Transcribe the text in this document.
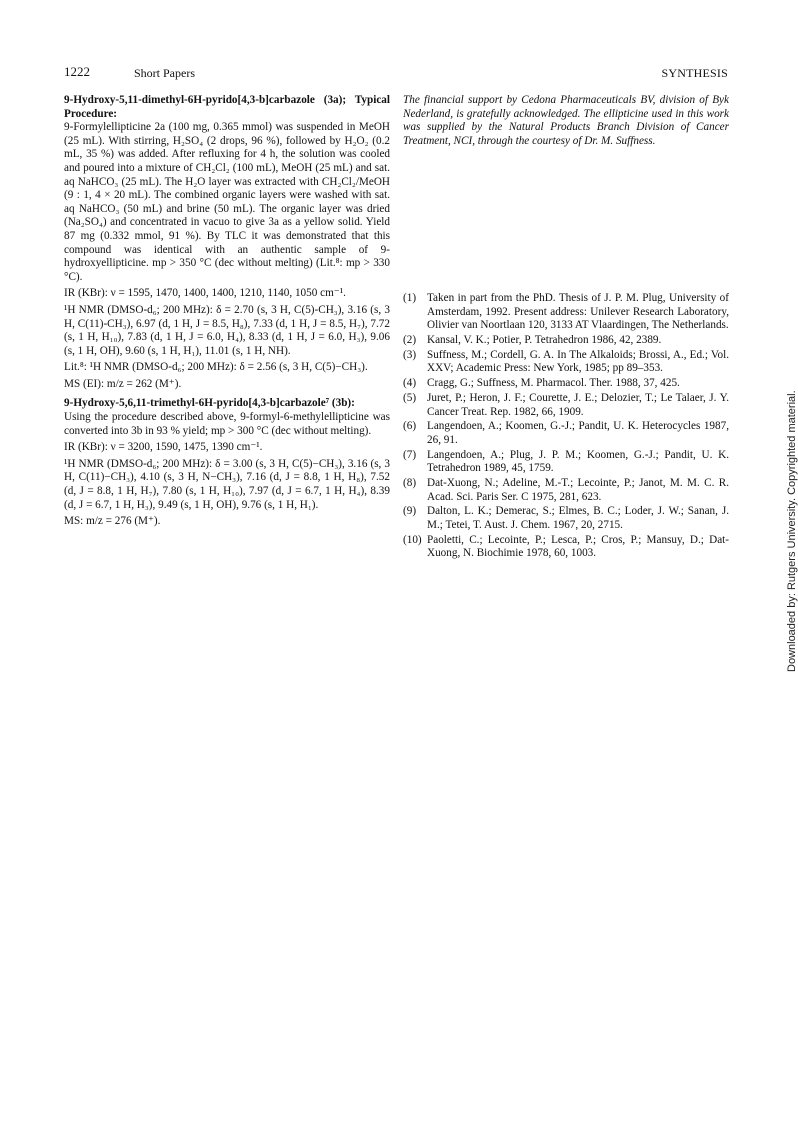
1222	Short Papers	SYNTHESIS

9-Hydroxy-5,11-dimethyl-6H-pyrido[4,3-b]carbazole (3a); Typical Procedure:

9-Formylellipticine 2a (100 mg, 0.365 mmol) was suspended in MeOH (25 mL). With stirring, H₂SO₄ (2 drops, 96 %), followed by H₂O₂ (0.2 mL, 35 %) was added. After refluxing for 4 h, the solution was cooled and poured into a mixture of CH₂Cl₂ (100 mL), MeOH (25 mL) and sat. aq NaHCO₃ (25 mL). The H₂O layer was extracted with CH₂Cl₂/MeOH (9 : 1, 4 × 20 mL). The combined organic layers were washed with sat. aq NaHCO₃ (50 mL) and brine (50 mL). The organic layer was dried (Na₂SO₄) and concentrated in vacuo to give 3a as a yellow solid. Yield 87 mg (0.332 mmol, 91 %). By TLC it was demonstrated that this compound was identical with an authentic sample of 9-hydroxyellipticine. mp > 350 °C (dec without melting) (Lit.⁸: mp > 330 °C).

IR (KBr): ν = 1595, 1470, 1400, 1400, 1210, 1140, 1050 cm⁻¹.

¹H NMR (DMSO-d₆; 200 MHz): δ = 2.70 (s, 3 H, C(5)-CH₃), 3.16 (s, 3 H, C(11)-CH₃), 6.97 (d, 1 H, J = 8.5, H₈), 7.33 (d, 1 H, J = 8.5, H₇), 7.72 (s, 1 H, H₁₀), 7.83 (d, 1 H, J = 6.0, H₄), 8.33 (d, 1 H, J = 6.0, H₃), 9.06 (s, 1 H, OH), 9.60 (s, 1 H, H₁), 11.01 (s, 1 H, NH).

Lit.⁸: ¹H NMR (DMSO-d₆; 200 MHz): δ = 2.56 (s, 3 H, C(5)−CH₃).

MS (EI): m/z = 262 (M⁺).

9-Hydroxy-5,6,11-trimethyl-6H-pyrido[4,3-b]carbazole⁷ (3b):

Using the procedure described above, 9-formyl-6-methylellipticine was converted into 3b in 93 % yield; mp > 300 °C (dec without melting).

IR (KBr): ν = 3200, 1590, 1475, 1390 cm⁻¹.

¹H NMR (DMSO-d₆; 200 MHz): δ = 3.00 (s, 3 H, C(5)−CH₃), 3.16 (s, 3 H, C(11)−CH₃), 4.10 (s, 3 H, N−CH₃), 7.16 (d, J = 8.8, 1 H, H₈), 7.52 (d, J = 8.8, 1 H, H₇), 7.80 (s, 1 H, H₁₀), 7.97 (d, J = 6.7, 1 H, H₄), 8.39 (d, J = 6.7, 1 H, H₃), 9.49 (s, 1 H, OH), 9.76 (s, 1 H, H₁).

MS: m/z = 276 (M⁺).

The financial support by Cedona Pharmaceuticals BV, division of Byk Nederland, is gratefully acknowledged. The ellipticine used in this work was supplied by the Natural Products Branch Division of Cancer Treatment, NCI, through the courtesy of Dr. M. Suffness.

(1) Taken in part from the PhD. Thesis of J. P. M. Plug, University of Amsterdam, 1992. Present address: Unilever Research Laboratory, Olivier van Noortlaan 120, 3133 AT Vlaardingen, The Netherlands.
(2) Kansal, V. K.; Potier, P. Tetrahedron 1986, 42, 2389.
(3) Suffness, M.; Cordell, G. A. In The Alkaloids; Brossi, A., Ed.; Vol. XXV; Academic Press: New York, 1985; pp 89–353.
(4) Cragg, G.; Suffness, M. Pharmacol. Ther. 1988, 37, 425.
(5) Juret, P.; Heron, J. F.; Courette, J. E.; Delozier, T.; Le Talaer, J. Y. Cancer Treat. Rep. 1982, 66, 1909.
(6) Langendoen, A.; Koomen, G.-J.; Pandit, U. K. Heterocycles 1987, 26, 91.
(7) Langendoen, A.; Plug, J. P. M.; Koomen, G.-J.; Pandit, U. K. Tetrahedron 1989, 45, 1759.
(8) Dat-Xuong, N.; Adeline, M.-T.; Lecointe, P.; Janot, M. M. C. R. Acad. Sci. Paris Ser. C 1975, 281, 623.
(9) Dalton, L. K.; Demerac, S.; Elmes, B. C.; Loder, J. W.; Sanan, J. M.; Tetei, T. Aust. J. Chem. 1967, 20, 2715.
(10) Paoletti, C.; Lecointe, P.; Lesca, P.; Cros, P.; Mansuy, D.; Dat-Xuong, N. Biochimie 1978, 60, 1003.	Downloaded by: Rutgers University. Copyrighted material.
